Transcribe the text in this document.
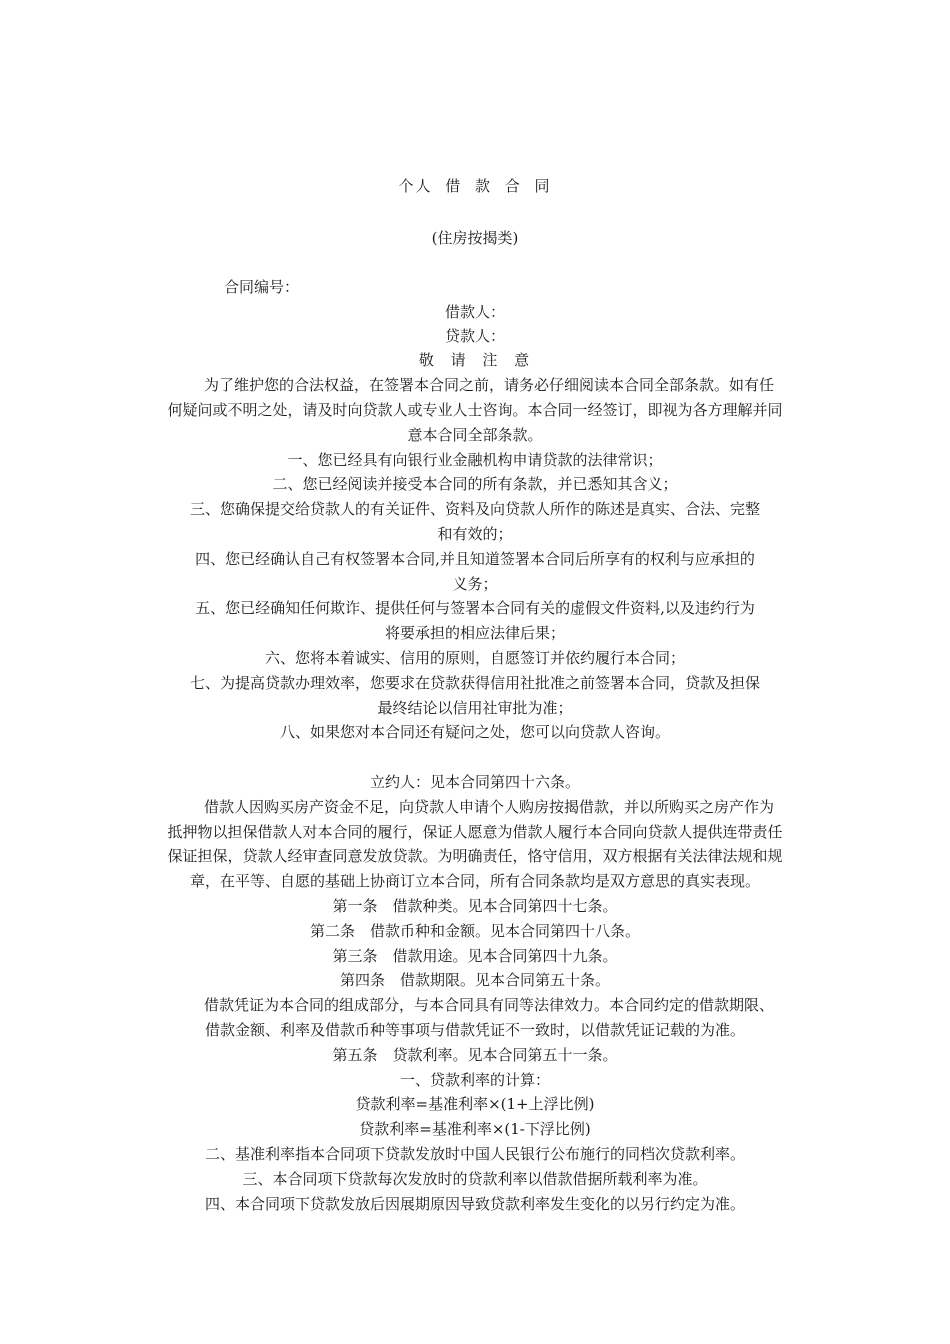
个人 借 款 合 同
(住房按揭类)
合同编号：
借款人：
贷款人：
敬 请 注 意
为了维护您的合法权益，在签署本合同之前，请务必仔细阅读本合同全部条款。如有任
何疑问或不明之处，请及时向贷款人或专业人士咨询。本合同一经签订，即视为各方理解并同
意本合同全部条款。
一、您已经具有向银行业金融机构申请贷款的法律常识；
二、您已经阅读并接受本合同的所有条款，并已悉知其含义；
三、您确保提交给贷款人的有关证件、资料及向贷款人所作的陈述是真实、合法、完整
和有效的；
四、您已经确认自己有权签署本合同,并且知道签署本合同后所享有的权利与应承担的
义务；
五、您已经确知任何欺诈、提供任何与签署本合同有关的虚假文件资料,以及违约行为
将要承担的相应法律后果；
六、您将本着诚实、信用的原则，自愿签订并依约履行本合同；
七、为提高贷款办理效率，您要求在贷款获得信用社批准之前签署本合同，贷款及担保
最终结论以信用社审批为准；
八、如果您对本合同还有疑问之处，您可以向贷款人咨询。
立约人：见本合同第四十六条。
借款人因购买房产资金不足，向贷款人申请个人购房按揭借款，并以所购买之房产作为
抵押物以担保借款人对本合同的履行，保证人愿意为借款人履行本合同向贷款人提供连带责任
保证担保，贷款人经审查同意发放贷款。为明确责任，恪守信用，双方根据有关法律法规和规
章，在平等、自愿的基础上协商订立本合同，所有合同条款均是双方意思的真实表现。
第一条　借款种类。见本合同第四十七条。
第二条　借款币种和金额。见本合同第四十八条。
第三条　借款用途。见本合同第四十九条。
第四条　借款期限。见本合同第五十条。
借款凭证为本合同的组成部分，与本合同具有同等法律效力。本合同约定的借款期限、
借款金额、利率及借款币种等事项与借款凭证不一致时，以借款凭证记载的为准。
第五条　贷款利率。见本合同第五十一条。
一、贷款利率的计算：
贷款利率=基准利率×(1+上浮比例)
贷款利率=基准利率×(1-下浮比例)
二、基准利率指本合同项下贷款发放时中国人民银行公布施行的同档次贷款利率。
三、本合同项下贷款每次发放时的贷款利率以借款借据所载利率为准。
四、本合同项下贷款发放后因展期原因导致贷款利率发生变化的以另行约定为准。
